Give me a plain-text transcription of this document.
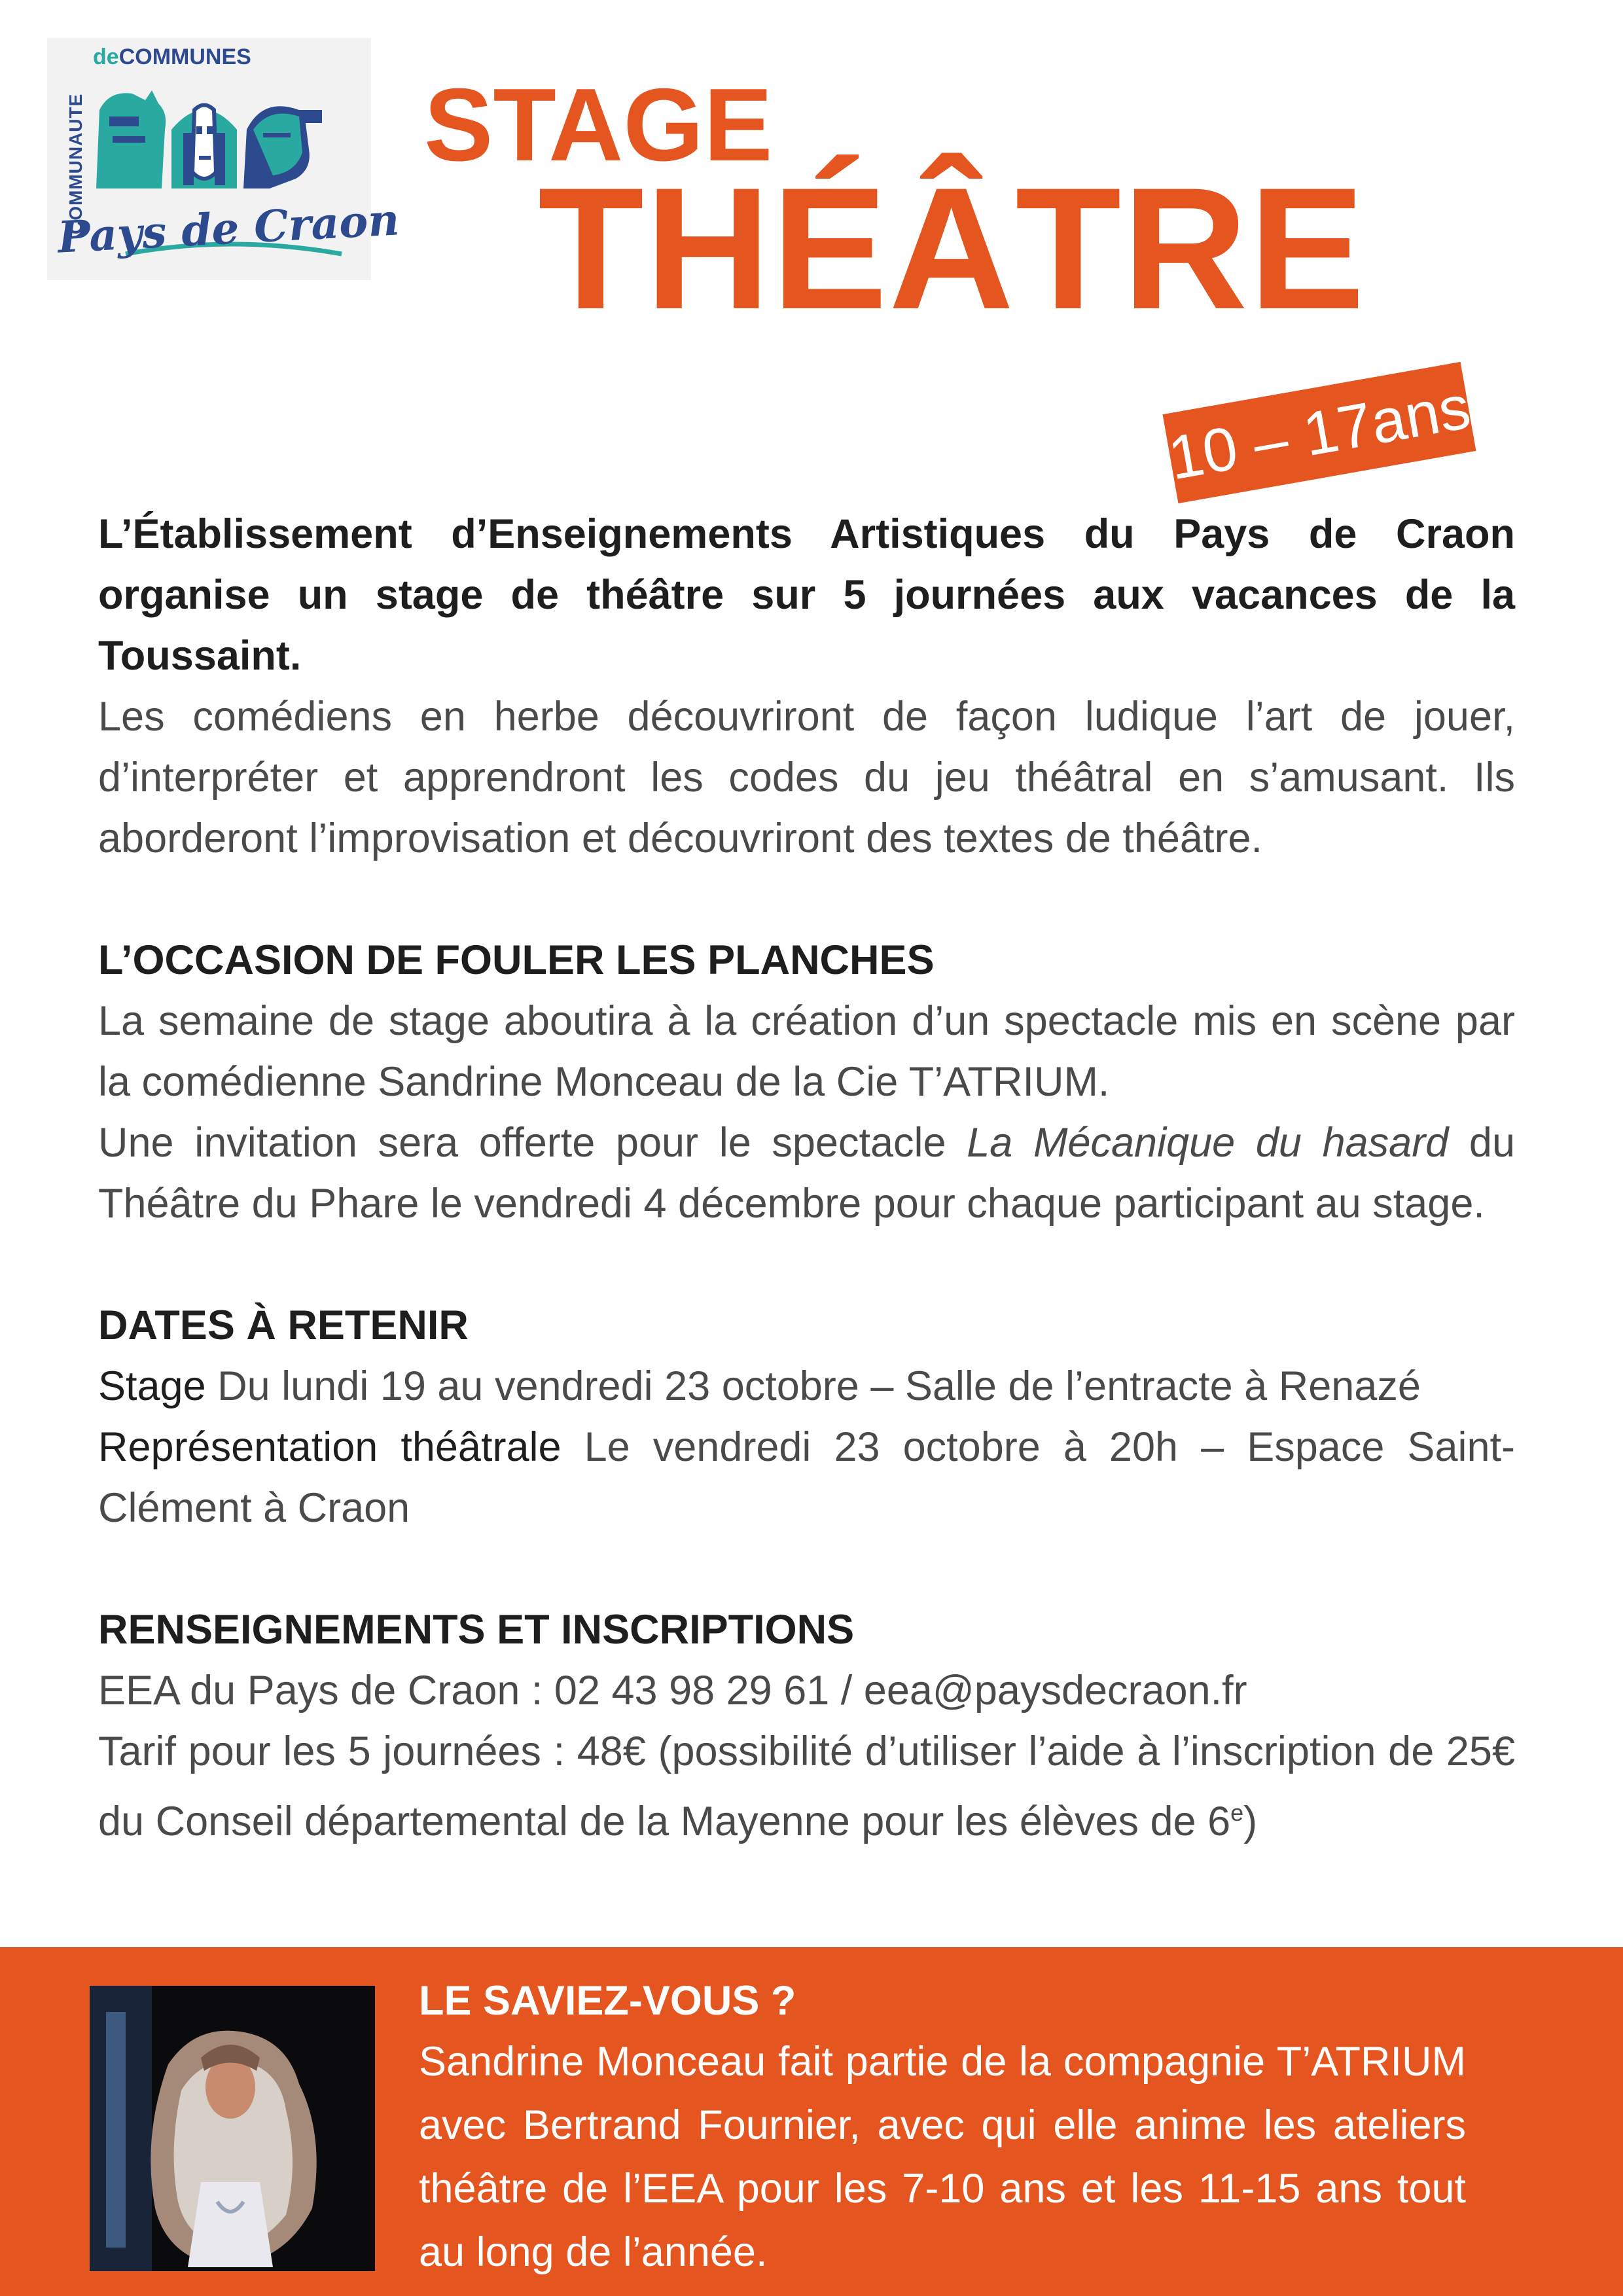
COMMUNAUTE
deCOMMUNES
Pays de Craon
STAGE
THÉÂTRE
10 – 17ans

L’Établissement d’Enseignements Artistiques du Pays de Craon organise un stage de théâtre sur 5 journées aux vacances de la Toussaint.

Les comédiens en herbe découvriront de façon ludique l’art de jouer, d’interpréter et apprendront les codes du jeu théâtral en s’amusant. Ils aborderont l’improvisation et découvriront des textes de théâtre.

L’OCCASION DE FOULER LES PLANCHES

La semaine de stage aboutira à la création d’un spectacle mis en scène par la comédienne Sandrine Monceau de la Cie T’ATRIUM.

Une invitation sera offerte pour le spectacle La Mécanique du hasard du Théâtre du Phare le vendredi 4 décembre pour chaque participant au stage.

DATES À RETENIR

Stage Du lundi 19 au vendredi 23 octobre – Salle de l’entracte à Renazé

Représentation théâtrale Le vendredi 23 octobre à 20h – Espace Saint-Clément à Craon

RENSEIGNEMENTS ET INSCRIPTIONS

EEA du Pays de Craon : 02 43 98 29 61 / eea@paysdecraon.fr

Tarif pour les 5 journées : 48€ (possibilité d’utiliser l’aide à l’inscription de 25€ du Conseil départemental de la Mayenne pour les élèves de 6e)

LE SAVIEZ-VOUS ?

Sandrine Monceau fait partie de la compagnie T’ATRIUM avec Bertrand Fournier, avec qui elle anime les ateliers théâtre de l’EEA pour les 7-10 ans et les 11-15 ans tout au long de l’année.
